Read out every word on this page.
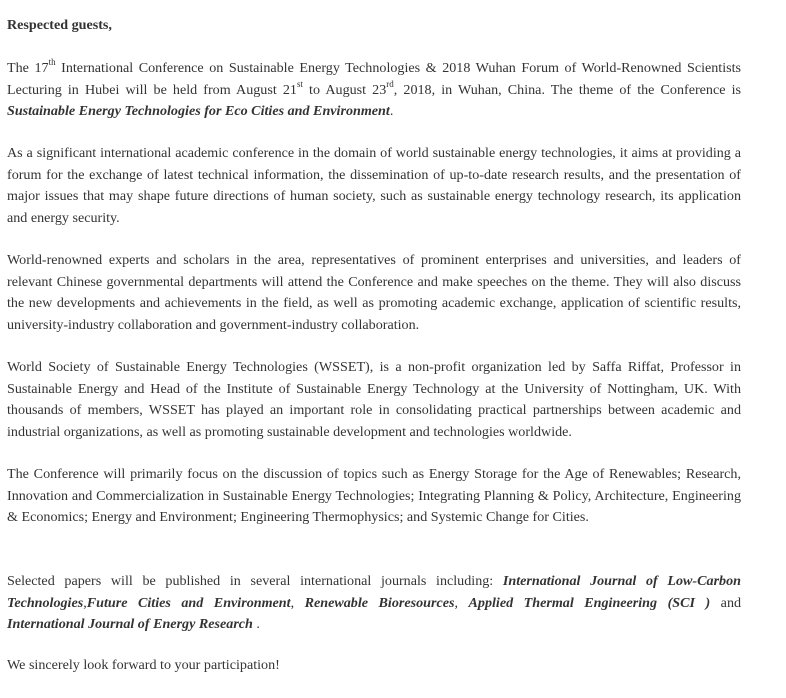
Respected guests,

The 17th International Conference on Sustainable Energy Technologies & 2018 Wuhan Forum of World-Renowned Scientists Lecturing in Hubei will be held from August 21st to August 23rd, 2018, in Wuhan, China. The theme of the Conference is Sustainable Energy Technologies for Eco Cities and Environment.

As a significant international academic conference in the domain of world sustainable energy technologies, it aims at providing a forum for the exchange of latest technical information, the dissemination of up-to-date research results, and the presentation of major issues that may shape future directions of human society, such as sustainable energy technology research, its application and energy security.

World-renowned experts and scholars in the area, representatives of prominent enterprises and universities, and leaders of relevant Chinese governmental departments will attend the Conference and make speeches on the theme. They will also discuss the new developments and achievements in the field, as well as promoting academic exchange, application of scientific results, university-industry collaboration and government-industry collaboration.

World Society of Sustainable Energy Technologies (WSSET), is a non-profit organization led by Saffa Riffat, Professor in Sustainable Energy and Head of the Institute of Sustainable Energy Technology at the University of Nottingham, UK. With thousands of members, WSSET has played an important role in consolidating practical partnerships between academic and industrial organizations, as well as promoting sustainable development and technologies worldwide.

The Conference will primarily focus on the discussion of topics such as Energy Storage for the Age of Renewables; Research, Innovation and Commercialization in Sustainable Energy Technologies; Integrating Planning & Policy, Architecture, Engineering & Economics; Energy and Environment; Engineering Thermophysics; and Systemic Change for Cities.

Selected papers will be published in several international journals including: International Journal of Low-Carbon Technologies,Future Cities and Environment, Renewable Bioresources, Applied Thermal Engineering (SCI ) and International Journal of Energy Research .

We sincerely look forward to your participation!
